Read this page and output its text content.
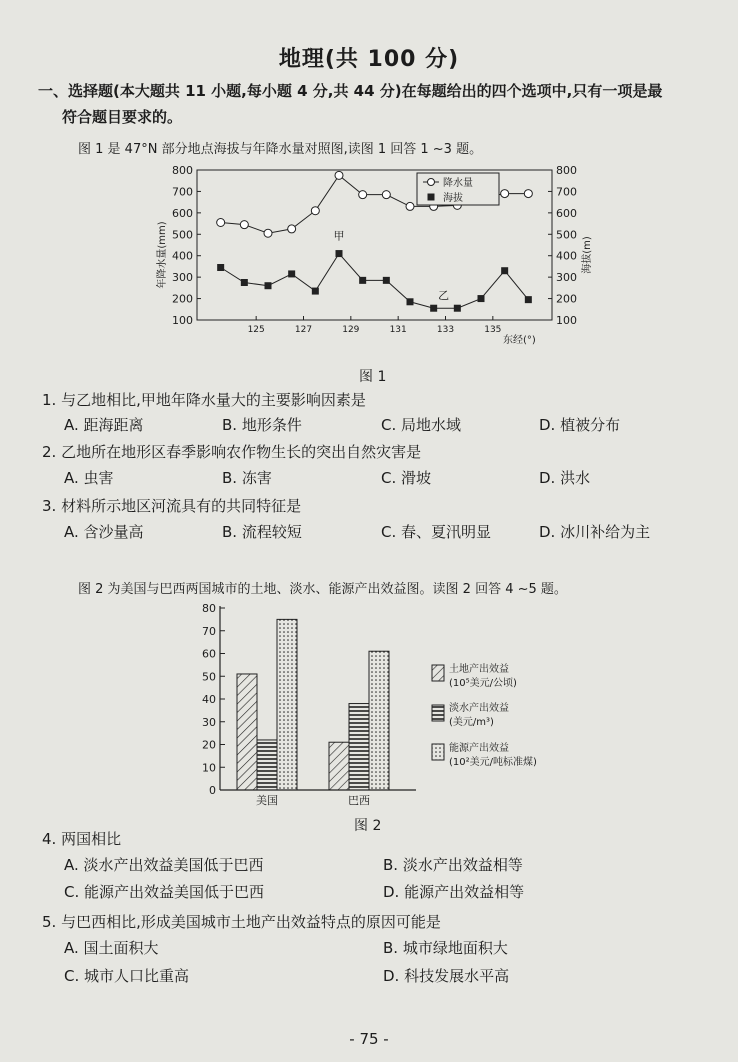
地理(共 100 分)
一、选择题(本大题共 11 小题,每小题 4 分,共 44 分)在每题给出的四个选项中,只有一项是最
符合题目要求的。
图 1 是 47°N 部分地点海拔与年降水量对照图,读图 1 回答 1 ~3 题。
100
200
300
400
500
600
700
800
100
200
300
400
500
600
700
800
125	127	129	131	133	135
年降水量(mm)	海拔(m)
东经(°)
甲
乙
降水量
海拔
图 1
1. 与乙地相比,甲地年降水量大的主要影响因素是
A. 距海距离	B. 地形条件	C. 局地水域	D. 植被分布
2. 乙地所在地形区春季影响农作物生长的突出自然灾害是
A. 虫害	B. 冻害	C. 滑坡	D. 洪水
3. 材料所示地区河流具有的共同特征是
A. 含沙量高	B. 流程较短	C. 春、夏汛明显	D. 冰川补给为主
图 2 为美国与巴西两国城市的土地、淡水、能源产出效益图。读图 2 回答 4 ~5 题。
0
10
20
30
40
50
60
70
80
美国	巴西
土地产出效益
(10⁵美元/公顷)
淡水产出效益
(美元/m³)
能源产出效益
(10²美元/吨标准煤)
图 2
4. 两国相比
A. 淡水产出效益美国低于巴西	B. 淡水产出效益相等
C. 能源产出效益美国低于巴西	D. 能源产出效益相等
5. 与巴西相比,形成美国城市土地产出效益特点的原因可能是
A. 国土面积大	B. 城市绿地面积大
C. 城市人口比重高	D. 科技发展水平高
- 75 -
